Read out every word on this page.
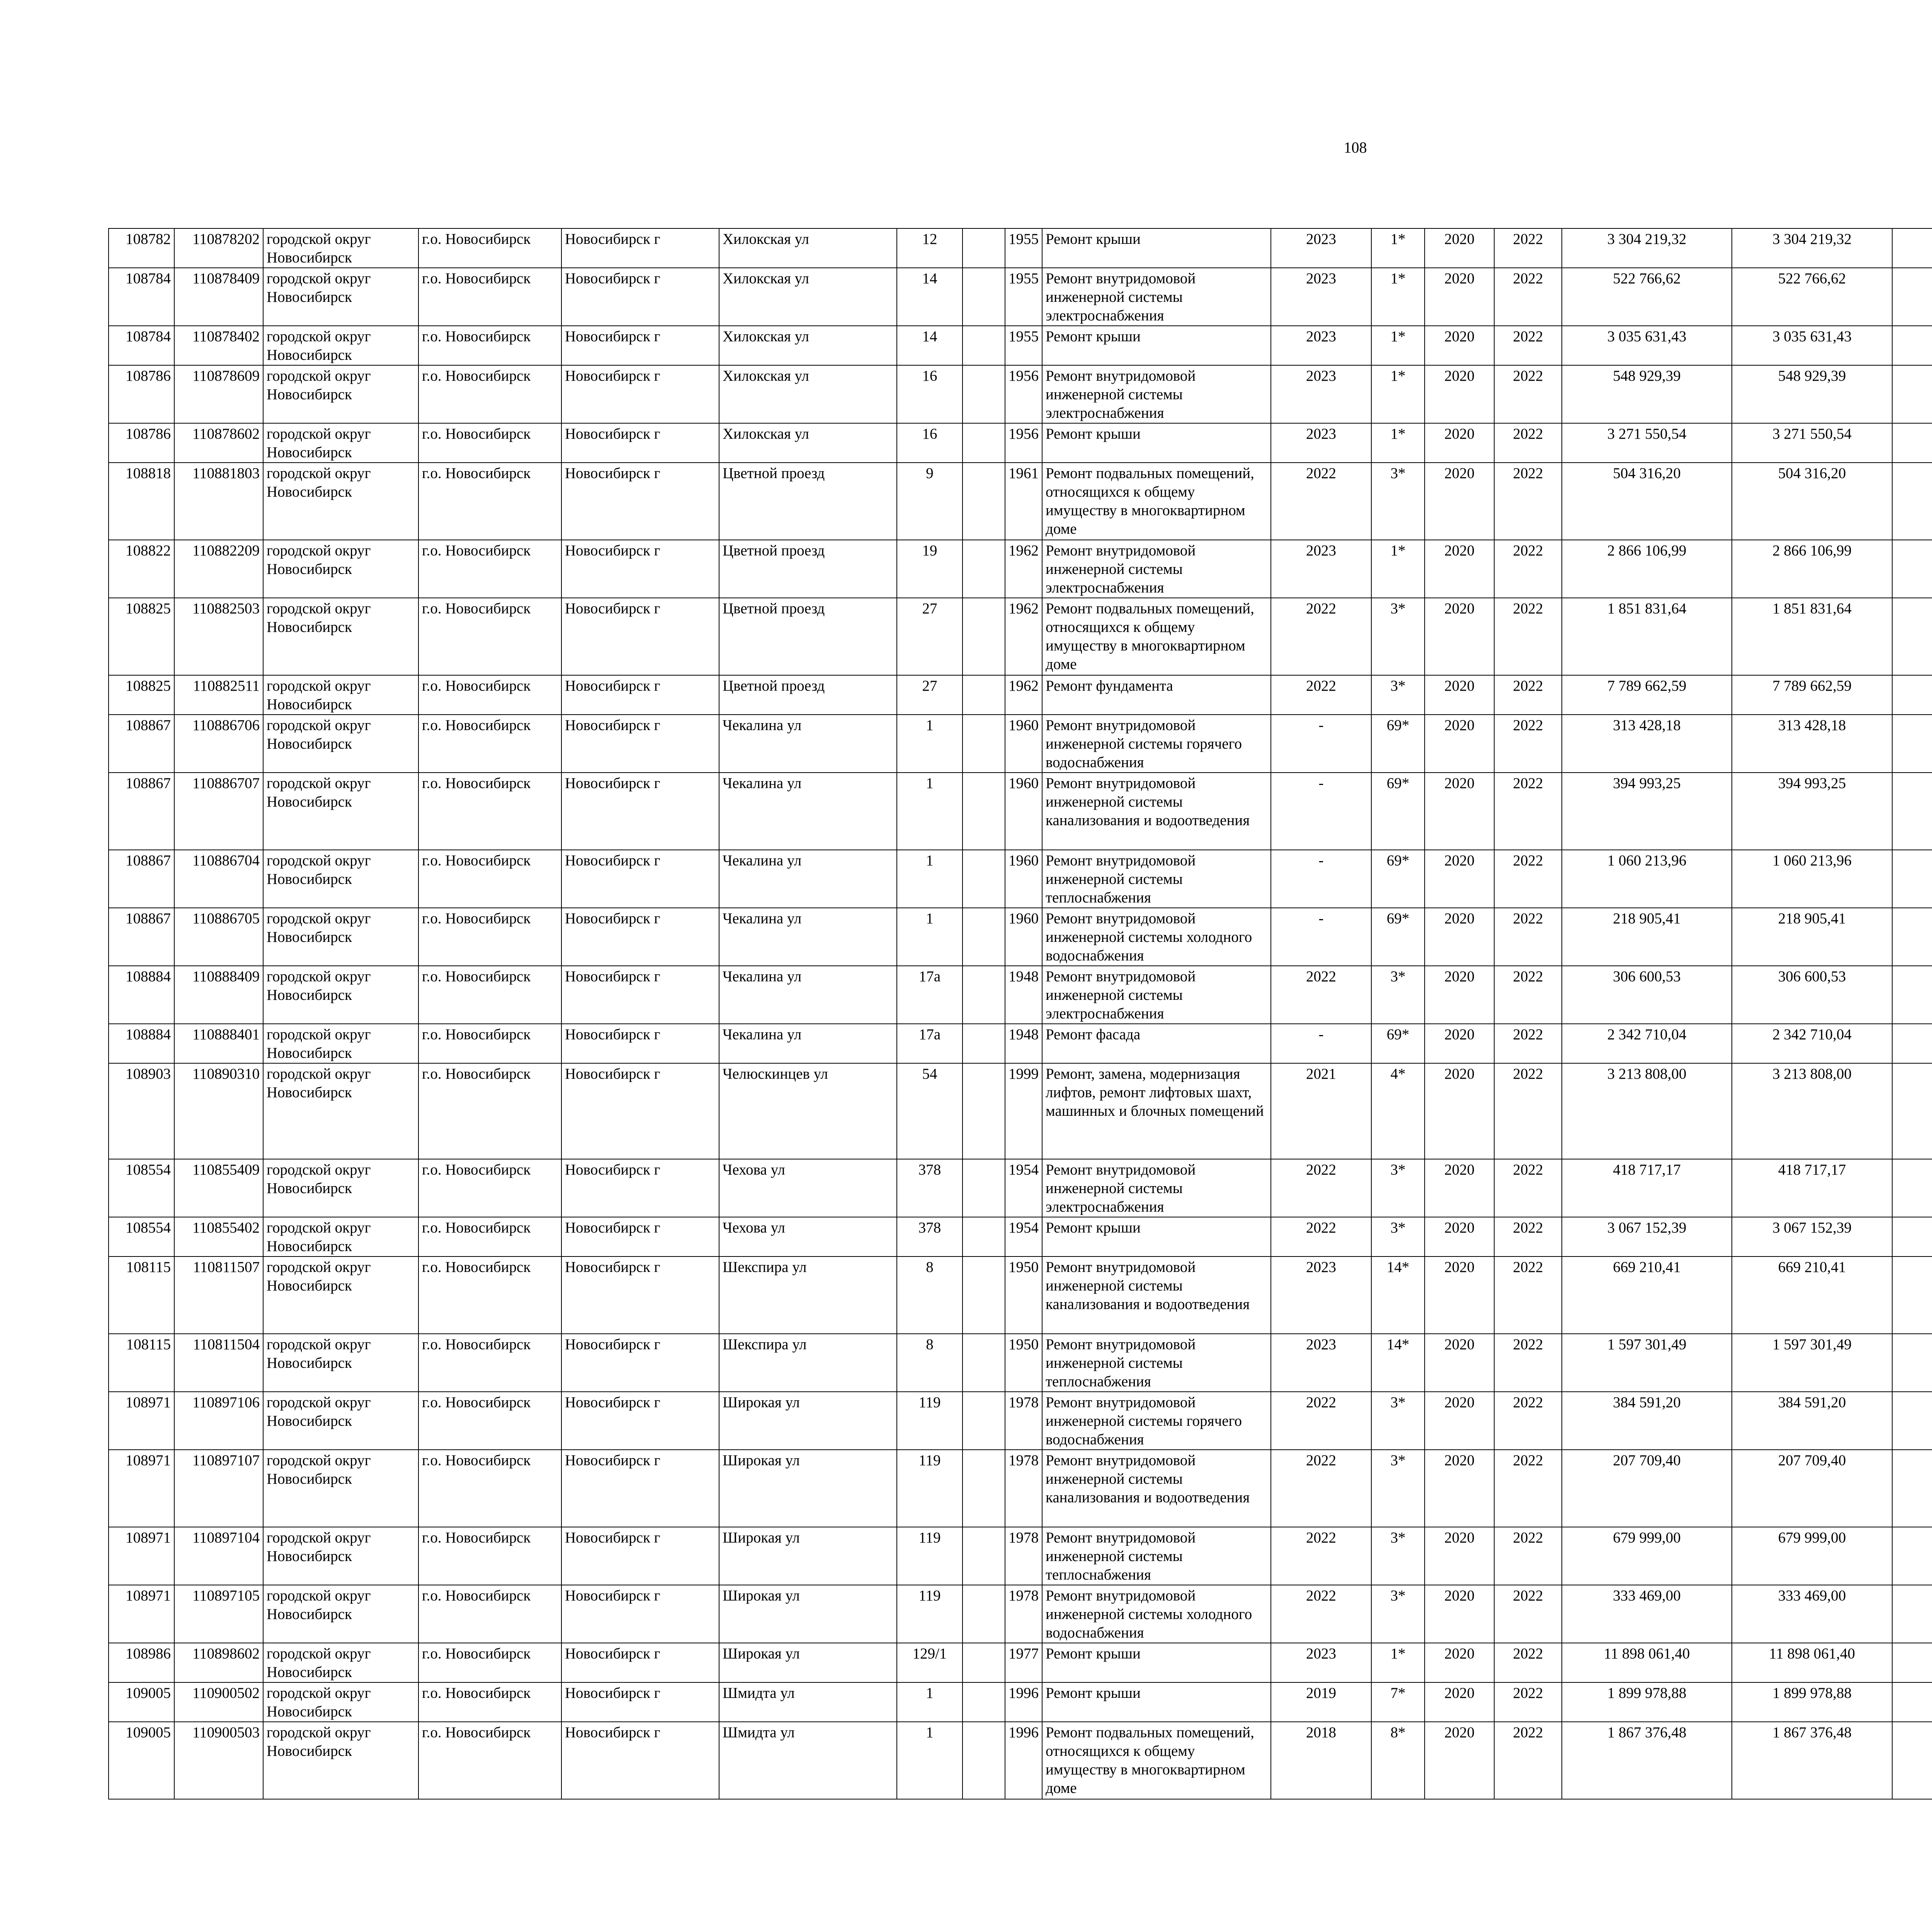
108
108782	110878202	городской округ Новосибирск	г.о. Новосибирск	Новосибирск г	Хилокская ул	12		1955	Ремонт крыши	2023	1*	2020	2022	3 304 219,32	3 304 219,32						
108784	110878409	городской округ Новосибирск	г.о. Новосибирск	Новосибирск г	Хилокская ул	14		1955	Ремонт внутридомовой инженерной системы электроснабжения	2023	1*	2020	2022	522 766,62	522 766,62						
108784	110878402	городской округ Новосибирск	г.о. Новосибирск	Новосибирск г	Хилокская ул	14		1955	Ремонт крыши	2023	1*	2020	2022	3 035 631,43	3 035 631,43						
108786	110878609	городской округ Новосибирск	г.о. Новосибирск	Новосибирск г	Хилокская ул	16		1956	Ремонт внутридомовой инженерной системы электроснабжения	2023	1*	2020	2022	548 929,39	548 929,39						
108786	110878602	городской округ Новосибирск	г.о. Новосибирск	Новосибирск г	Хилокская ул	16		1956	Ремонт крыши	2023	1*	2020	2022	3 271 550,54	3 271 550,54						
108818	110881803	городской округ Новосибирск	г.о. Новосибирск	Новосибирск г	Цветной проезд	9		1961	Ремонт подвальных помещений, относящихся к общему имуществу в многоквартирном доме	2022	3*	2020	2022	504 316,20	504 316,20						
108822	110882209	городской округ Новосибирск	г.о. Новосибирск	Новосибирск г	Цветной проезд	19		1962	Ремонт внутридомовой инженерной системы электроснабжения	2023	1*	2020	2022	2 866 106,99	2 866 106,99						
108825	110882503	городской округ Новосибирск	г.о. Новосибирск	Новосибирск г	Цветной проезд	27		1962	Ремонт подвальных помещений, относящихся к общему имуществу в многоквартирном доме	2022	3*	2020	2022	1 851 831,64	1 851 831,64						
108825	110882511	городской округ Новосибирск	г.о. Новосибирск	Новосибирск г	Цветной проезд	27		1962	Ремонт фундамента	2022	3*	2020	2022	7 789 662,59	7 789 662,59						
108867	110886706	городской округ Новосибирск	г.о. Новосибирск	Новосибирск г	Чекалина ул	1		1960	Ремонт внутридомовой инженерной системы горячего водоснабжения	-	69*	2020	2022	313 428,18	313 428,18						
108867	110886707	городской округ Новосибирск	г.о. Новосибирск	Новосибирск г	Чекалина ул	1		1960	Ремонт внутридомовой инженерной системы канализования и водоотведения	-	69*	2020	2022	394 993,25	394 993,25						
108867	110886704	городской округ Новосибирск	г.о. Новосибирск	Новосибирск г	Чекалина ул	1		1960	Ремонт внутридомовой инженерной системы теплоснабжения	-	69*	2020	2022	1 060 213,96	1 060 213,96						
108867	110886705	городской округ Новосибирск	г.о. Новосибирск	Новосибирск г	Чекалина ул	1		1960	Ремонт внутридомовой инженерной системы холодного водоснабжения	-	69*	2020	2022	218 905,41	218 905,41						
108884	110888409	городской округ Новосибирск	г.о. Новосибирск	Новосибирск г	Чекалина ул	17а		1948	Ремонт внутридомовой инженерной системы электроснабжения	2022	3*	2020	2022	306 600,53	306 600,53						
108884	110888401	городской округ Новосибирск	г.о. Новосибирск	Новосибирск г	Чекалина ул	17а		1948	Ремонт фасада	-	69*	2020	2022	2 342 710,04	2 342 710,04						
108903	110890310	городской округ Новосибирск	г.о. Новосибирск	Новосибирск г	Челюскинцев ул	54		1999	Ремонт, замена, модернизация лифтов, ремонт лифтовых шахт, машинных и блочных помещений	2021	4*	2020	2022	3 213 808,00	3 213 808,00						
108554	110855409	городской округ Новосибирск	г.о. Новосибирск	Новосибирск г	Чехова ул	378		1954	Ремонт внутридомовой инженерной системы электроснабжения	2022	3*	2020	2022	418 717,17	418 717,17						
108554	110855402	городской округ Новосибирск	г.о. Новосибирск	Новосибирск г	Чехова ул	378		1954	Ремонт крыши	2022	3*	2020	2022	3 067 152,39	3 067 152,39						
108115	110811507	городской округ Новосибирск	г.о. Новосибирск	Новосибирск г	Шекспира ул	8		1950	Ремонт внутридомовой инженерной системы канализования и водоотведения	2023	14*	2020	2022	669 210,41	669 210,41						
108115	110811504	городской округ Новосибирск	г.о. Новосибирск	Новосибирск г	Шекспира ул	8		1950	Ремонт внутридомовой инженерной системы теплоснабжения	2023	14*	2020	2022	1 597 301,49	1 597 301,49						
108971	110897106	городской округ Новосибирск	г.о. Новосибирск	Новосибирск г	Широкая ул	119		1978	Ремонт внутридомовой инженерной системы горячего водоснабжения	2022	3*	2020	2022	384 591,20	384 591,20						
108971	110897107	городской округ Новосибирск	г.о. Новосибирск	Новосибирск г	Широкая ул	119		1978	Ремонт внутридомовой инженерной системы канализования и водоотведения	2022	3*	2020	2022	207 709,40	207 709,40						
108971	110897104	городской округ Новосибирск	г.о. Новосибирск	Новосибирск г	Широкая ул	119		1978	Ремонт внутридомовой инженерной системы теплоснабжения	2022	3*	2020	2022	679 999,00	679 999,00						
108971	110897105	городской округ Новосибирск	г.о. Новосибирск	Новосибирск г	Широкая ул	119		1978	Ремонт внутридомовой инженерной системы холодного водоснабжения	2022	3*	2020	2022	333 469,00	333 469,00						
108986	110898602	городской округ Новосибирск	г.о. Новосибирск	Новосибирск г	Широкая ул	129/1		1977	Ремонт крыши	2023	1*	2020	2022	11 898 061,40	11 898 061,40						
109005	110900502	городской округ Новосибирск	г.о. Новосибирск	Новосибирск г	Шмидта ул	1		1996	Ремонт крыши	2019	7*	2020	2022	1 899 978,88	1 899 978,88						
109005	110900503	городской округ Новосибирск	г.о. Новосибирск	Новосибирск г	Шмидта ул	1		1996	Ремонт подвальных помещений, относящихся к общему имуществу в многоквартирном доме	2018	8*	2020	2022	1 867 376,48	1 867 376,48						
